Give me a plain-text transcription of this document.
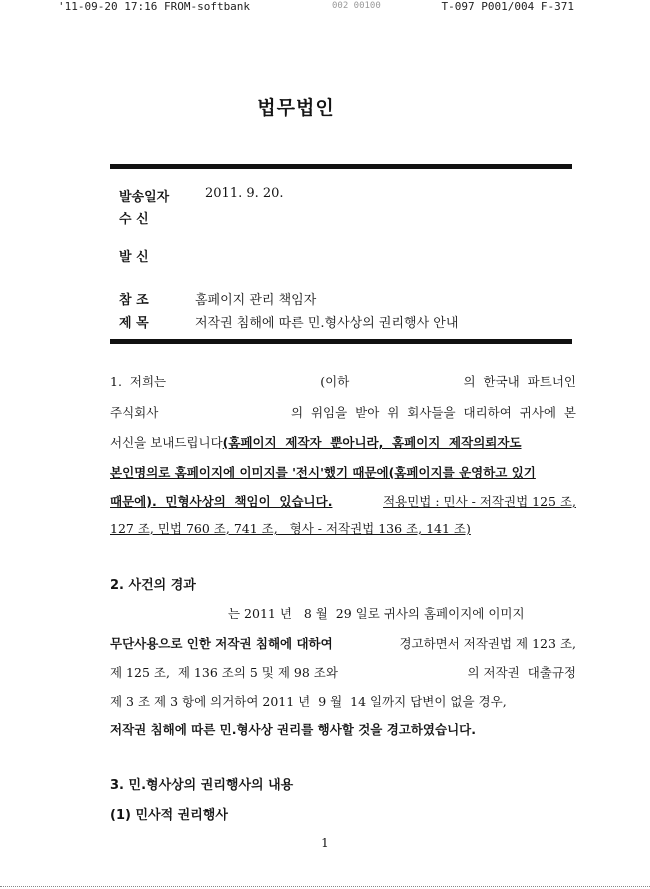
'11-09-20 17:16 FROM-softbank	002 00100	T-097 P001/004 F-371
법무법인
발송일자	2011. 9. 20.
수 신
발 신
참 조	홈페이지 관리 책임자
제 목	저작권 침해에 따른 민.형사상의 권리행사 안내
1.  저희는	(이하	의  한국내  파트너인
주식회사	의  위임을  받아  위  회사들을  대리하여  귀사에  본
서신을 보내드립니다 (홈페이지  제작자  뿐아니라,  홈페이지  제작의뢰자도
본인명의로 홈페이지에 이미지를 '전시'했기 때문에(홈페이지를 운영하고 있기
때문에).  민형사상의  책임이  있습니다.	적용민법 : 민사 - 저작권법 125 조,
127 조, 민법 760 조, 741 조, 형사 - 저작권법 136 조, 141 조)
2. 사건의 경과
는 2011 년   8 월  29 일로 귀사의 홈페이지에 이미지
무단사용으로 인한 저작권 침해에 대하여	경고하면서 저작권법 제 123 조,
제 125 조,  제 136 조의 5 및 제 98 조와	의 저작권  대출규정
제 3 조 제 3 항에 의거하여 2011 년  9 월  14 일까지 답변이 없을 경우,
저작권 침해에 따른 민.형사상 권리를 행사할 것을 경고하였습니다.
3. 민.형사상의 권리행사의 내용
(1) 민사적 권리행사
1
